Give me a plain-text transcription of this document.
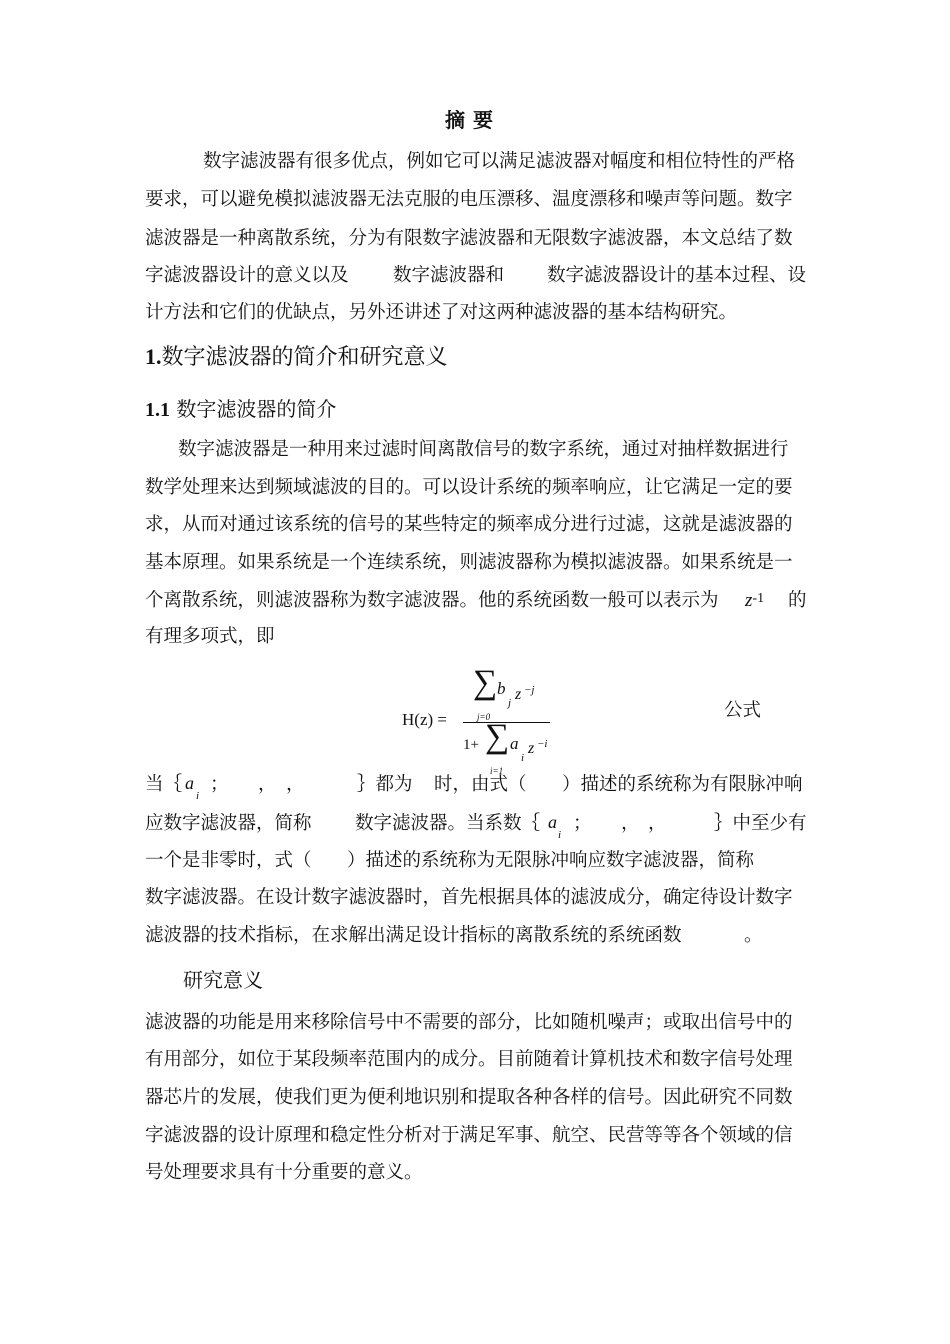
摘要
数字滤波器有很多优点，例如它可以满足滤波器对幅度和相位特性的严格
要求，可以避免模拟滤波器无法克服的电压漂移、温度漂移和噪声等问题。数字
滤波器是一种离散系统，分为有限数字滤波器和无限数字滤波器，本文总结了数
字滤波器设计的意义以及 数字滤波器和 数字滤波器设计的基本过程、设
计方法和它们的优缺点，另外还讲述了对这两种滤波器的基本结构研究。
1.数字滤波器的简介和研究意义
1.1 数字滤波器的简介
数字滤波器是一种用来过滤时间离散信号的数字系统，通过对抽样数据进行
数学处理来达到频域滤波的目的。可以设计系统的频率响应，让它满足一定的要
求，从而对通过该系统的信号的某些特定的频率成分进行过滤，这就是滤波器的
基本原理。如果系统是一个连续系统，则滤波器称为模拟滤波器。如果系统是一
个离散系统，则滤波器称为数字滤波器。他的系统函数一般可以表示为 $z^{-1}$ 的
有理多项式，即
H(z) =
∑ b
j z −j
j=0
1+ ∑ a
i
z −i
i=1
公式
当｛ a
i
； ， ，	｝都为 时，由式（ ）描述的系统称为有限脉冲响
应数字滤波器，简称 数字滤波器。当系数｛ a
i
； ， ，	｝中至少有
一个是非零时，式（ ）描述的系统称为无限脉冲响应数字滤波器，简称
数字滤波器。在设计数字滤波器时，首先根据具体的滤波成分，确定待设计数字
滤波器的技术指标，在求解出满足设计指标的离散系统的系统函数	。
研究意义
滤波器的功能是用来移除信号中不需要的部分，比如随机噪声；或取出信号中的
有用部分，如位于某段频率范围内的成分。目前随着计算机技术和数字信号处理
器芯片的发展，使我们更为便利地识别和提取各种各样的信号。因此研究不同数
字滤波器的设计原理和稳定性分析对于满足军事、航空、民营等等各个领域的信
号处理要求具有十分重要的意义。
